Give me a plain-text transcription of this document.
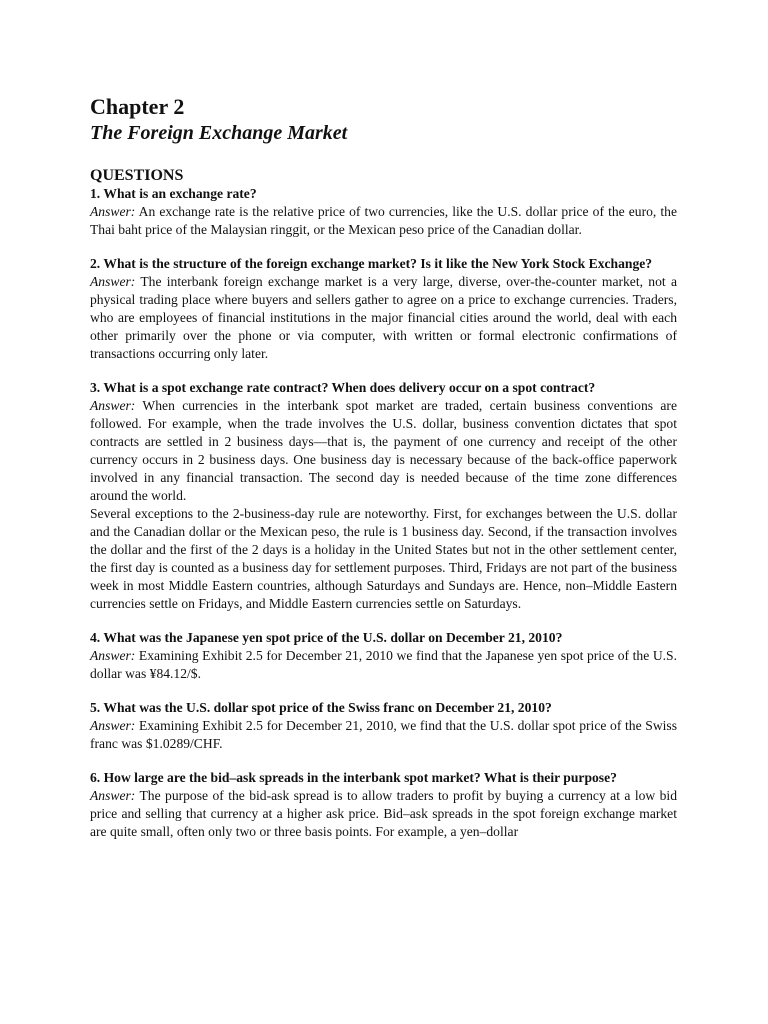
Chapter 2
The Foreign Exchange Market
QUESTIONS

1. What is an exchange rate?

Answer: An exchange rate is the relative price of two currencies, like the U.S. dollar price of the euro, the Thai baht price of the Malaysian ringgit, or the Mexican peso price of the Canadian dollar.

2. What is the structure of the foreign exchange market? Is it like the New York Stock Exchange?

Answer: The interbank foreign exchange market is a very large, diverse, over-the-counter market, not a physical trading place where buyers and sellers gather to agree on a price to exchange currencies. Traders, who are employees of financial institutions in the major financial cities around the world, deal with each other primarily over the phone or via computer, with written or formal electronic confirmations of transactions occurring only later.

3. What is a spot exchange rate contract? When does delivery occur on a spot contract?

Answer: When currencies in the interbank spot market are traded, certain business conventions are followed. For example, when the trade involves the U.S. dollar, business convention dictates that spot contracts are settled in 2 business days—that is, the payment of one currency and receipt of the other currency occurs in 2 business days. One business day is necessary because of the back-office paperwork involved in any financial transaction. The second day is needed because of the time zone differences around the world.

Several exceptions to the 2-business-day rule are noteworthy. First, for exchanges between the U.S. dollar and the Canadian dollar or the Mexican peso, the rule is 1 business day. Second, if the transaction involves the dollar and the first of the 2 days is a holiday in the United States but not in the other settlement center, the first day is counted as a business day for settlement purposes. Third, Fridays are not part of the business week in most Middle Eastern countries, although Saturdays and Sundays are. Hence, non–Middle Eastern currencies settle on Fridays, and Middle Eastern currencies settle on Saturdays.

4. What was the Japanese yen spot price of the U.S. dollar on December 21, 2010?

Answer: Examining Exhibit 2.5 for December 21, 2010 we find that the Japanese yen spot price of the U.S. dollar was ¥84.12/$.

5. What was the U.S. dollar spot price of the Swiss franc on December 21, 2010?

Answer: Examining Exhibit 2.5 for December 21, 2010, we find that the U.S. dollar spot price of the Swiss franc was $1.0289/CHF.

6. How large are the bid–ask spreads in the interbank spot market? What is their purpose?

Answer: The purpose of the bid-ask spread is to allow traders to profit by buying a currency at a low bid price and selling that currency at a higher ask price. Bid–ask spreads in the spot foreign exchange market are quite small, often only two or three basis points. For example, a yen–dollar
